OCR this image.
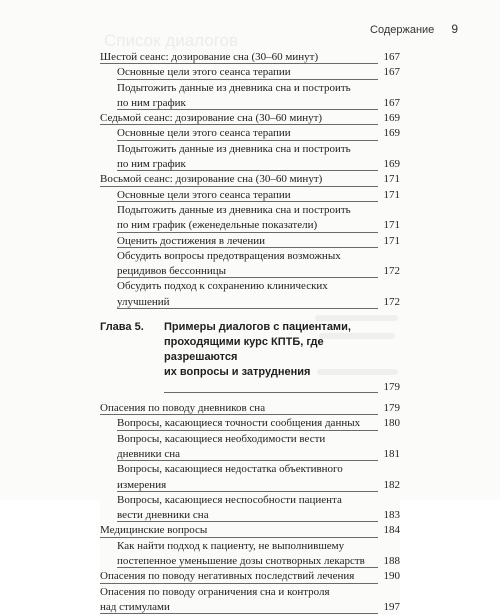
Список диалогов
Содержание 9
Шестой сеанс: дозирование сна (30–60 минут)	167
Основные цели этого сеанса терапии	167
Подытожить данные из дневника сна и построить
по ним график	167
Седьмой сеанс: дозирование сна (30–60 минут)	169
Основные цели этого сеанса терапии	169
Подытожить данные из дневника сна и построить
по ним график	169
Восьмой сеанс: дозирование сна (30–60 минут)	171
Основные цели этого сеанса терапии	171
Подытожить данные из дневника сна и построить
по ним график (еженедельные показатели)	171
Оценить достижения в лечении	171
Обсудить вопросы предотвращения возможных
рецидивов бессонницы	172
Обсудить подход к сохранению клинических улучшений	172
Глава 5.	Примеры диалогов с пациентами,
проходящими курс КПТБ, где разрешаются
их вопросы и затруднения
179
Опасения по поводу дневников сна	179
Вопросы, касающиеся точности сообщения данных	180
Вопросы, касающиеся необходимости вести
дневники сна	181
Вопросы, касающиеся недостатка объективного
измерения	182
Вопросы, касающиеся неспособности пациента
вести дневники сна	183
Медицинские вопросы	184
Как найти подход к пациенту, не выполнившему
постепенное уменьшение дозы снотворных лекарств	188
Опасения по поводу негативных последствий лечения	190
Опасения по поводу ограничения сна и контроля
над стимулами	197
